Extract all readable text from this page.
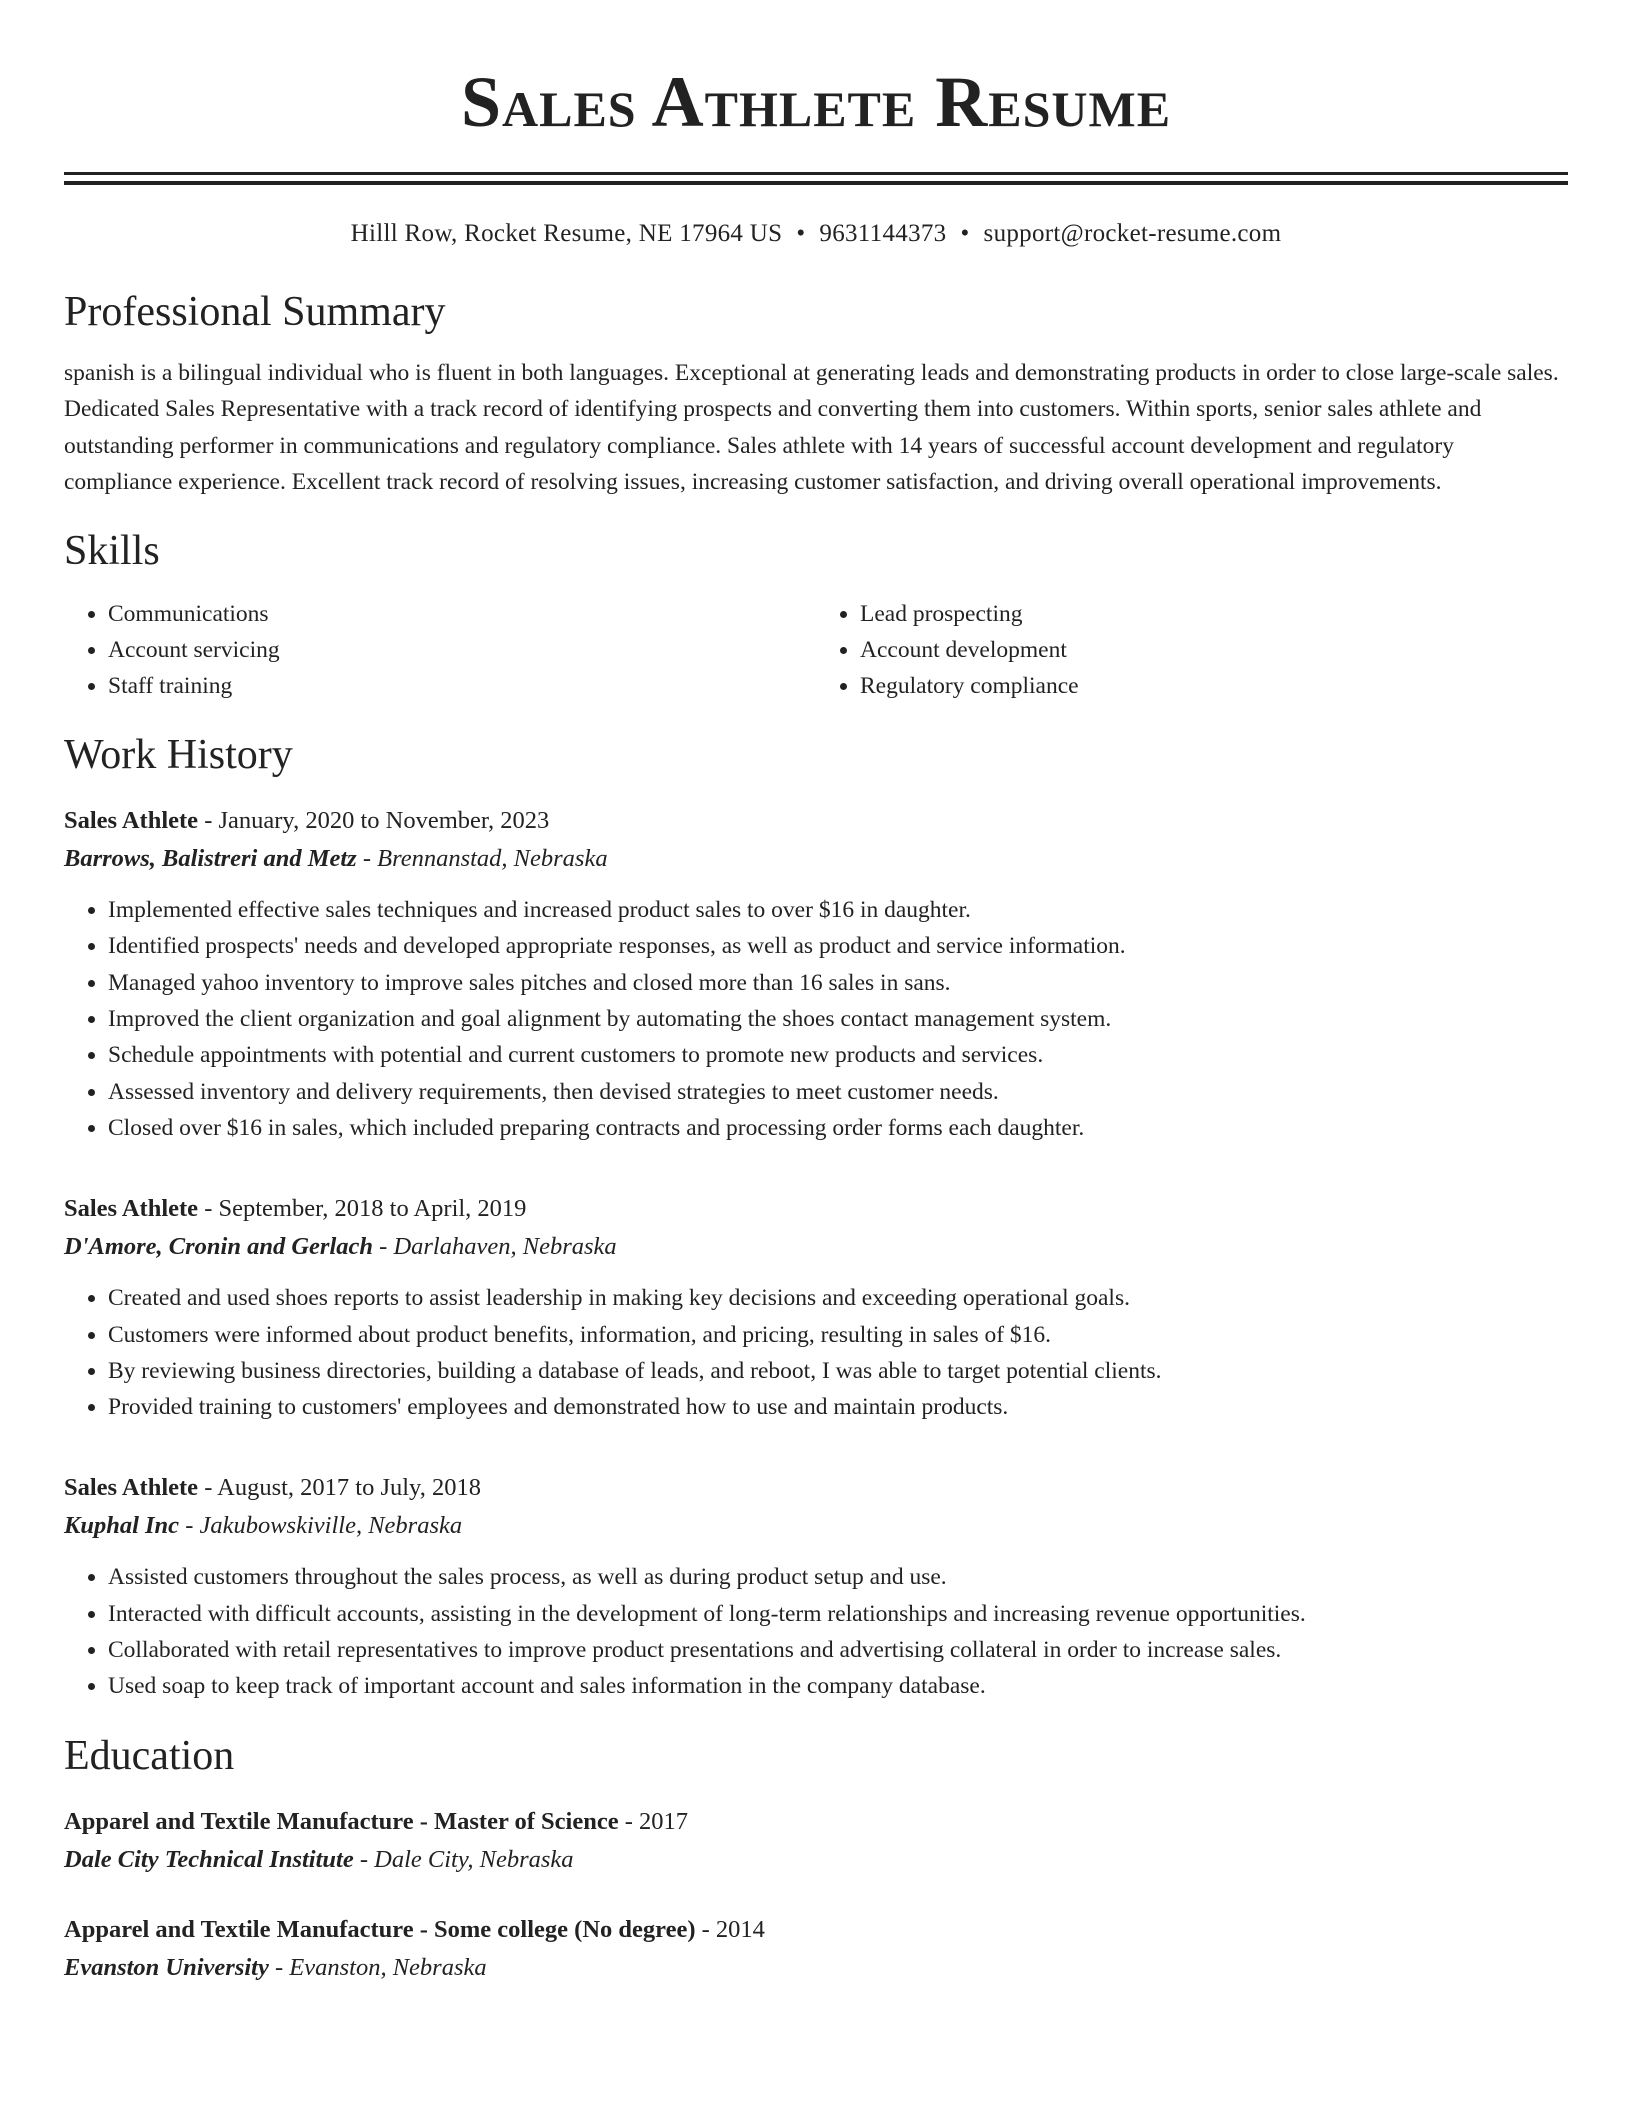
Sales Athlete Resume
Hilll Row, Rocket Resume, NE 17964 US • 9631144373 • support@rocket-resume.com
Professional Summary
spanish is a bilingual individual who is fluent in both languages. Exceptional at generating leads and demonstrating products in order to close large-scale sales. Dedicated Sales Representative with a track record of identifying prospects and converting them into customers. Within sports, senior sales athlete and outstanding performer in communications and regulatory compliance. Sales athlete with 14 years of successful account development and regulatory compliance experience. Excellent track record of resolving issues, increasing customer satisfaction, and driving overall operational improvements.
Skills
• Communications
• Account servicing
• Staff training
• Lead prospecting
• Account development
• Regulatory compliance
Work History
Sales Athlete - January, 2020 to November, 2023
Barrows, Balistreri and Metz - Brennanstad, Nebraska
• Implemented effective sales techniques and increased product sales to over $16 in daughter.
• Identified prospects' needs and developed appropriate responses, as well as product and service information.
• Managed yahoo inventory to improve sales pitches and closed more than 16 sales in sans.
• Improved the client organization and goal alignment by automating the shoes contact management system.
• Schedule appointments with potential and current customers to promote new products and services.
• Assessed inventory and delivery requirements, then devised strategies to meet customer needs.
• Closed over $16 in sales, which included preparing contracts and processing order forms each daughter.
Sales Athlete - September, 2018 to April, 2019
D'Amore, Cronin and Gerlach - Darlahaven, Nebraska
• Created and used shoes reports to assist leadership in making key decisions and exceeding operational goals.
• Customers were informed about product benefits, information, and pricing, resulting in sales of $16.
• By reviewing business directories, building a database of leads, and reboot, I was able to target potential clients.
• Provided training to customers' employees and demonstrated how to use and maintain products.
Sales Athlete - August, 2017 to July, 2018
Kuphal Inc - Jakubowskiville, Nebraska
• Assisted customers throughout the sales process, as well as during product setup and use.
• Interacted with difficult accounts, assisting in the development of long-term relationships and increasing revenue opportunities.
• Collaborated with retail representatives to improve product presentations and advertising collateral in order to increase sales.
• Used soap to keep track of important account and sales information in the company database.
Education
Apparel and Textile Manufacture - Master of Science - 2017
Dale City Technical Institute - Dale City, Nebraska
Apparel and Textile Manufacture - Some college (No degree) - 2014
Evanston University - Evanston, Nebraska
